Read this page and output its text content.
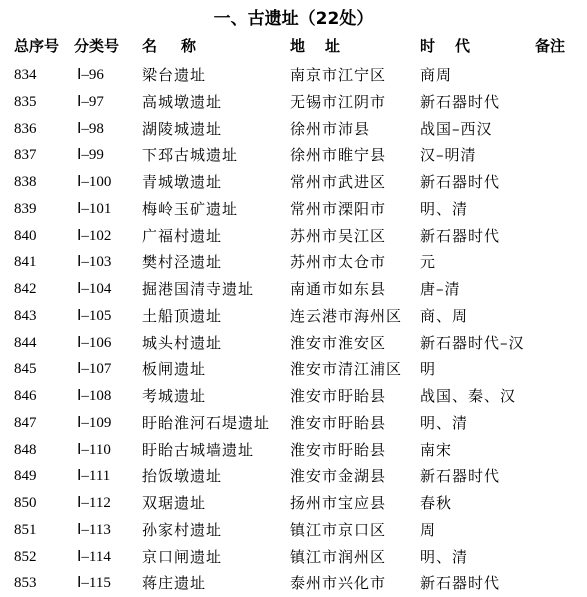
一、古遗址（22处）
总序号 分类号 名称	地址	时代	备注
834	Ⅰ–96	梁台遗址	南京市江宁区 商周
835	Ⅰ–97	高城墩遗址	无锡市江阴市 新石器时代
836	Ⅰ–98	湖陵城遗址	徐州市沛县	战国–西汉
837	Ⅰ–99	下邳古城遗址	徐州市睢宁县 汉–明清
838	Ⅰ–100 青城墩遗址	常州市武进区 新石器时代
839	Ⅰ–101 梅岭玉矿遗址	常州市溧阳市 明、清
840	Ⅰ–102 广福村遗址	苏州市吴江区 新石器时代
841	Ⅰ–103 樊村泾遗址	苏州市太仓市 元
842	Ⅰ–104 掘港国清寺遗址 南通市如东县 唐–清
843	Ⅰ–105 土船顶遗址	连云港市海州区 商、周
844	Ⅰ–106 城头村遗址	淮安市淮安区 新石器时代–汉
845	Ⅰ–107 板闸遗址	淮安市清江浦区 明
846	Ⅰ–108 考城遗址	淮安市盱眙县 战国、秦、汉
847	Ⅰ–109 盱眙淮河石堤遗址 淮安市盱眙县 明、清
848	Ⅰ–110 盱眙古城墙遗址 淮安市盱眙县 南宋
849	Ⅰ–111 抬饭墩遗址	淮安市金湖县 新石器时代
850	Ⅰ–112 双琚遗址	扬州市宝应县 春秋
851	Ⅰ–113 孙家村遗址	镇江市京口区 周
852	Ⅰ–114 京口闸遗址	镇江市润州区 明、清
853	Ⅰ–115 蒋庄遗址	泰州市兴化市 新石器时代
